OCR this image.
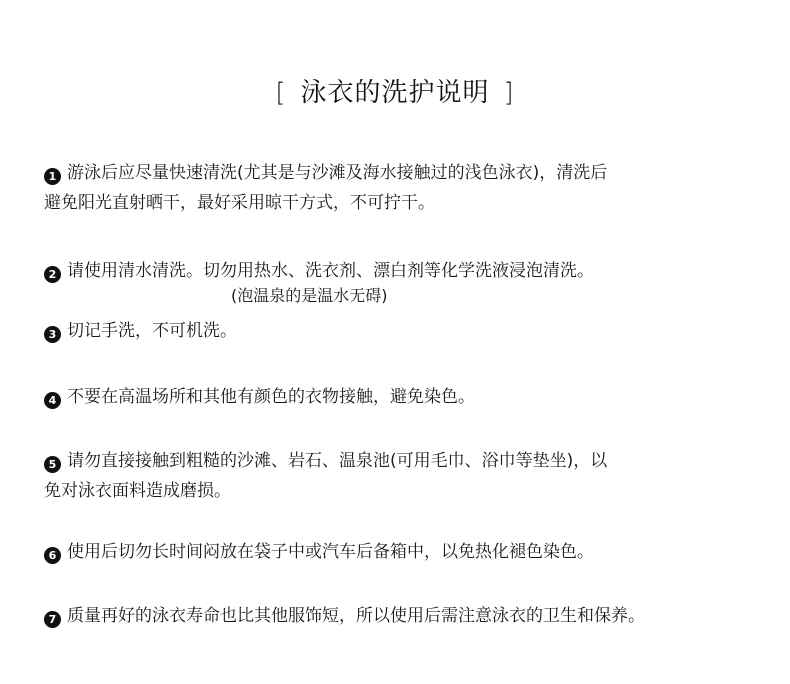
[ 泳衣的洗护说明 ]
1 游泳后应尽量快速清洗(尤其是与沙滩及海水接触过的浅色泳衣)，清洗后
避免阳光直射晒干，最好采用晾干方式，不可拧干。
2 请使用清水清洗。切勿用热水、洗衣剂、漂白剂等化学洗液浸泡清洗。
(泡温泉的是温水无碍)
3 切记手洗，不可机洗。
4 不要在高温场所和其他有颜色的衣物接触，避免染色。
5 请勿直接接触到粗糙的沙滩、岩石、温泉池(可用毛巾、浴巾等垫坐)，以
免对泳衣面料造成磨损。
6 使用后切勿长时间闷放在袋子中或汽车后备箱中，以免热化褪色染色。
7 质量再好的泳衣寿命也比其他服饰短，所以使用后需注意泳衣的卫生和保养。
